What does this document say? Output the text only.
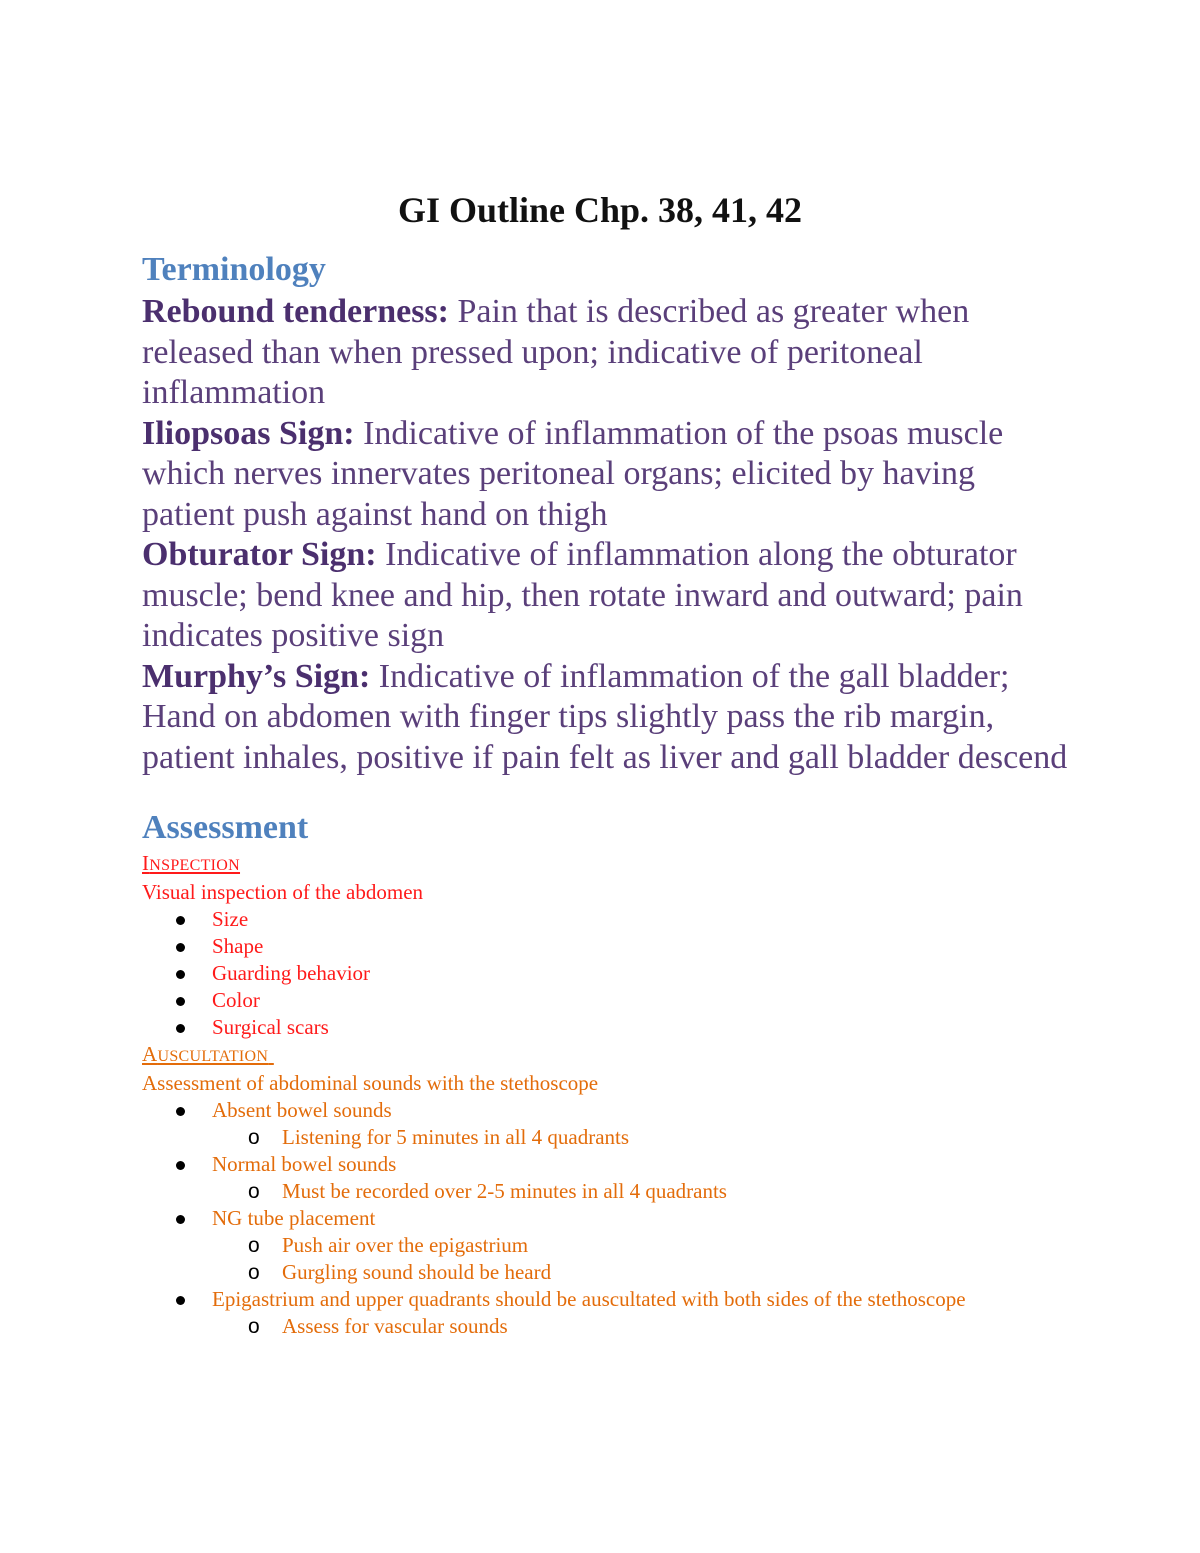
GI Outline Chp. 38, 41, 42
Terminology

Rebound tenderness: Pain that is described as greater when released than when pressed upon; indicative of peritoneal inflammation

Iliopsoas Sign: Indicative of inflammation of the psoas muscle which nerves innervates peritoneal organs; elicited by having patient push against hand on thigh

Obturator Sign: Indicative of inflammation along the obturator muscle; bend knee and hip, then rotate inward and outward; pain indicates positive sign

Murphy’s Sign: Indicative of inflammation of the gall bladder; Hand on abdomen with finger tips slightly pass the rib margin, patient inhales, positive if pain felt as liver and gall bladder descend

Assessment

INSPECTION

Visual inspection of the abdomen

Size
Shape
Guarding behavior
Color
Surgical scars

AUSCULTATION

Assessment of abdominal sounds with the stethoscope

Absent bowel sounds
o Listening for 5 minutes in all 4 quadrants
Normal bowel sounds
o Must be recorded over 2-5 minutes in all 4 quadrants
NG tube placement
o Push air over the epigastrium
o Gurgling sound should be heard
Epigastrium and upper quadrants should be auscultated with both sides of the stethoscope
o Assess for vascular sounds
